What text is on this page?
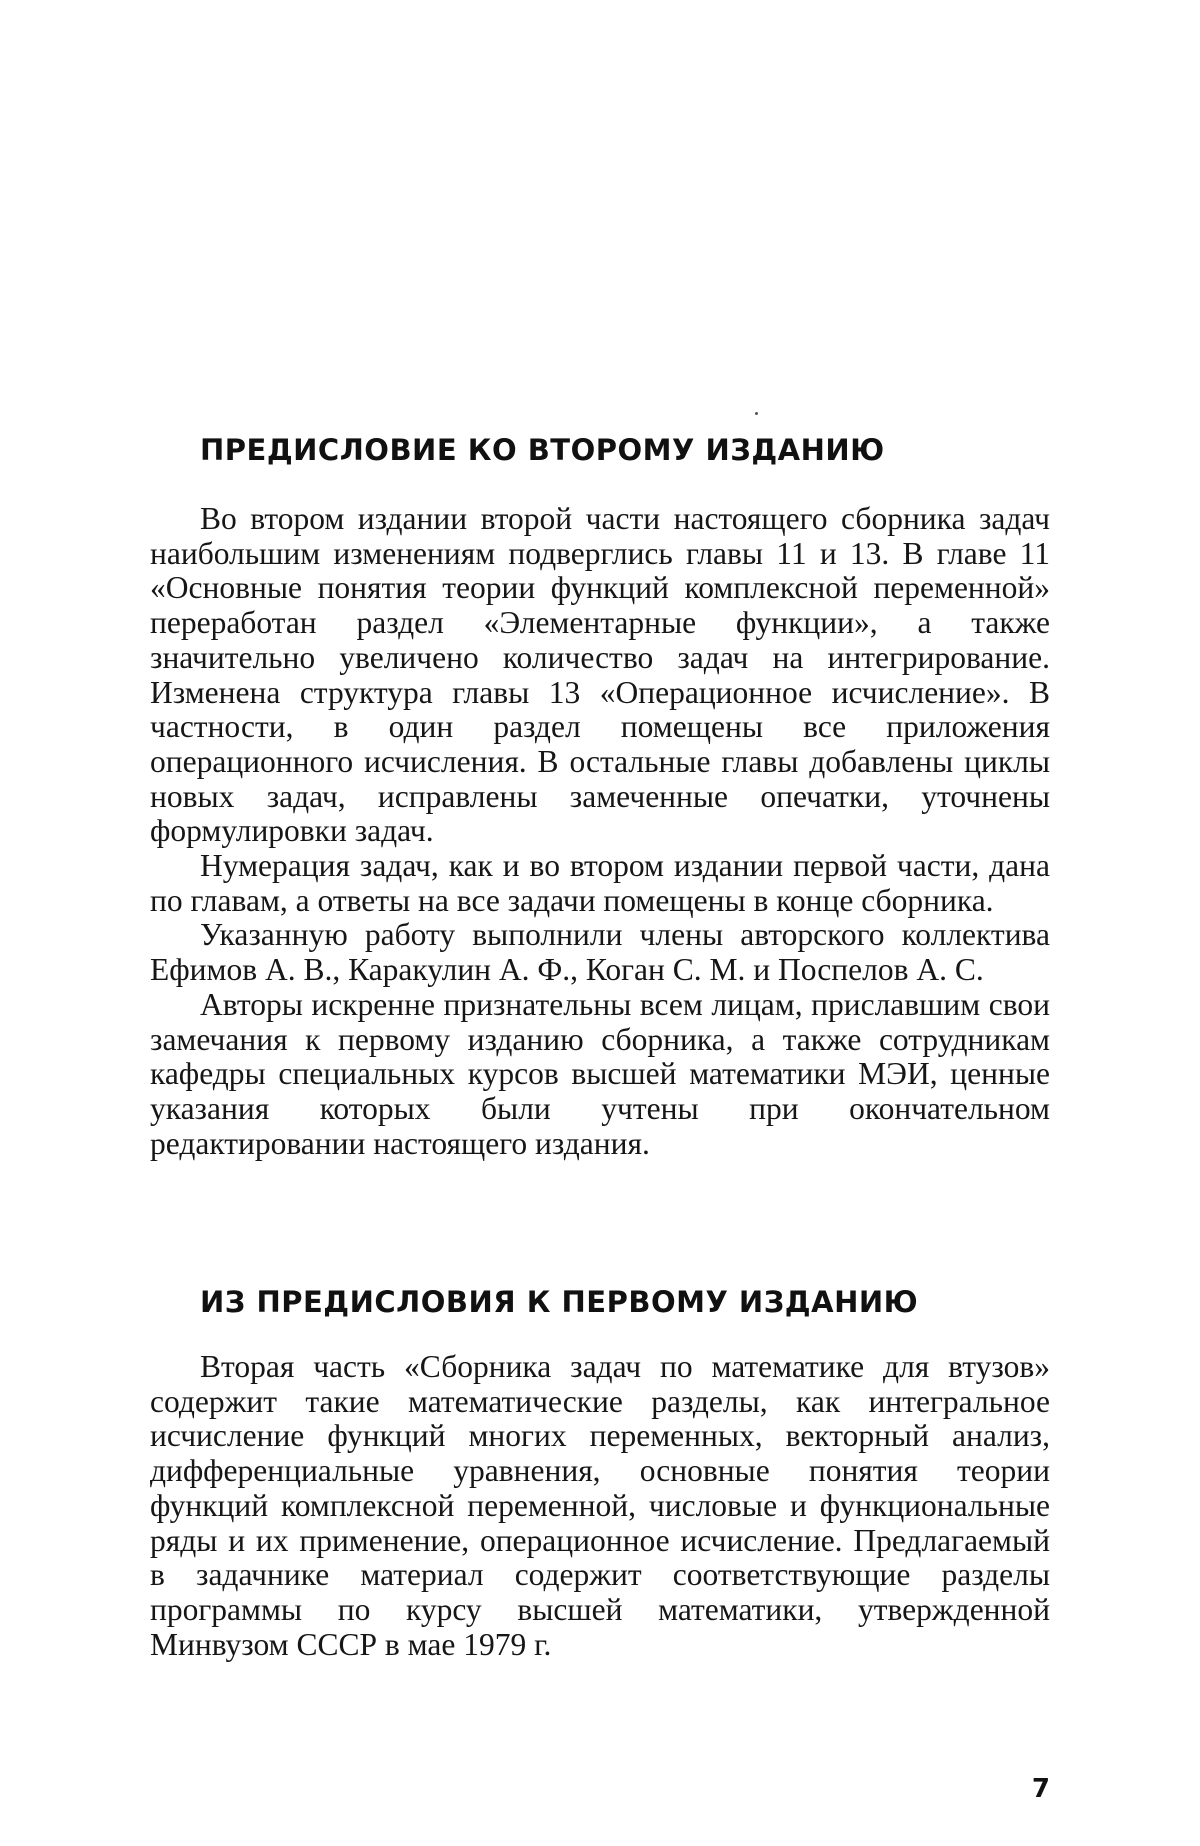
ПРЕДИСЛОВИЕ КО ВТОРОМУ ИЗДАНИЮ

Во втором издании второй части настоящего сборника задач наибольшим изменениям подверглись главы 11 и 13. В главе 11 «Основные понятия теории функций комплексной переменной» переработан раздел «Элементарные функции», а также значительно увеличено количество задач на интегрирование. Изменена структура главы 13 «Операционное исчисление». В частности, в один раздел помещены все приложения операционного исчисления. В остальные главы добавлены циклы новых задач, исправлены замеченные опечатки, уточнены формулировки задач.

Нумерация задач, как и во втором издании первой части, дана по главам, а ответы на все задачи помещены в конце сборника.

Указанную работу выполнили члены авторского коллектива Ефимов А. В., Каракулин А. Ф., Коган С. М. и Поспелов А. С.

Авторы искренне признательны всем лицам, приславшим свои замечания к первому изданию сборника, а также сотрудникам кафедры специальных курсов высшей математики МЭИ, ценные указания которых были учтены при окончательном редактировании настоящего издания.

ИЗ ПРЕДИСЛОВИЯ К ПЕРВОМУ ИЗДАНИЮ

Вторая часть «Сборника задач по математике для втузов» содержит такие математические разделы, как интегральное исчисление функций многих переменных, векторный анализ, дифференциальные уравнения, основные понятия теории функций комплексной переменной, числовые и функциональные ряды и их применение, операционное исчисление. Предлагаемый в задачнике материал содержит соответствующие разделы программы по курсу высшей математики, утвержденной Минвузом СССР в мае 1979 г.

7
